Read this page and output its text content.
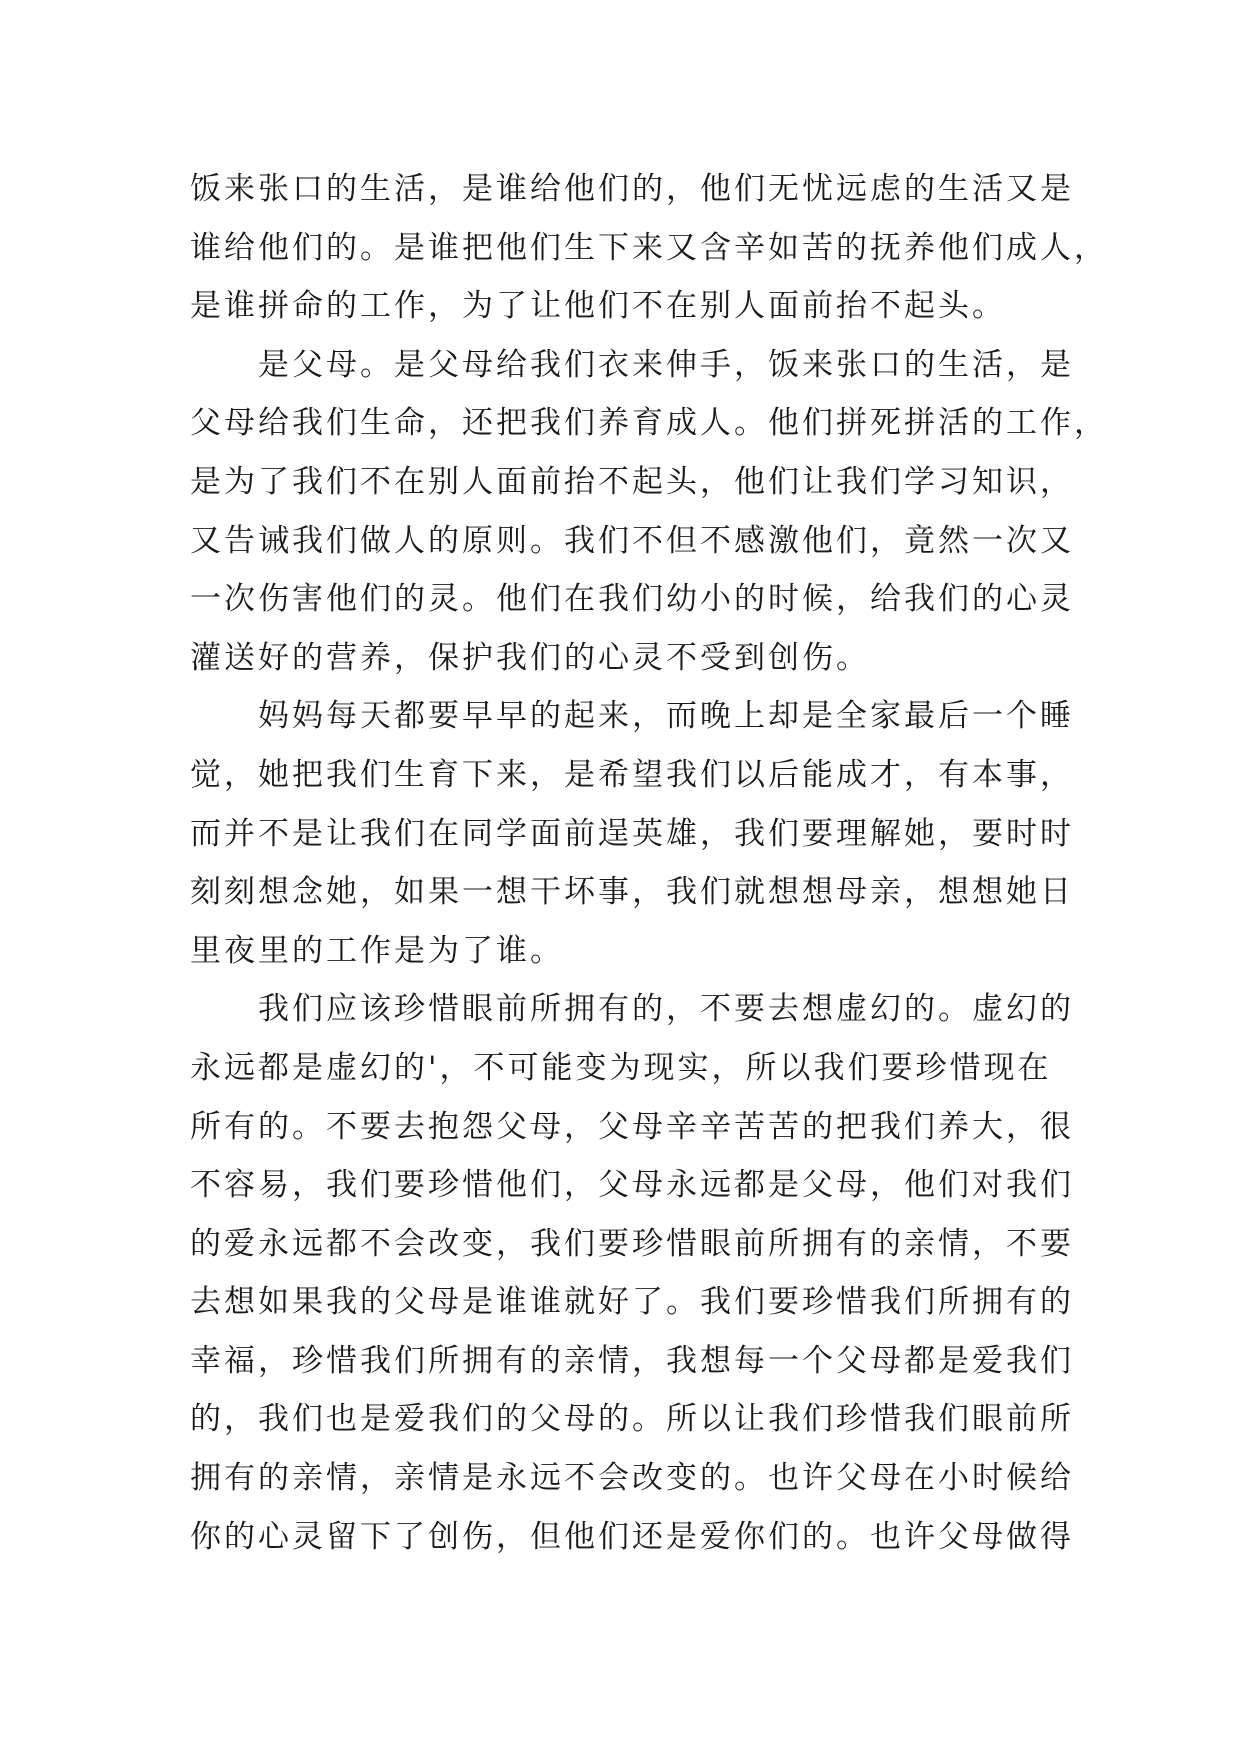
饭来张口的生活，是谁给他们的，他们无忧远虑的生活又是
谁给他们的。是谁把他们生下来又含辛如苦的抚养他们成人，
是谁拼命的工作，为了让他们不在别人面前抬不起头。
　　是父母。是父母给我们衣来伸手，饭来张口的生活，是
父母给我们生命，还把我们养育成人。他们拼死拼活的工作，
是为了我们不在别人面前抬不起头，他们让我们学习知识，
又告诫我们做人的原则。我们不但不感激他们，竟然一次又
一次伤害他们的灵。他们在我们幼小的时候，给我们的心灵
灌送好的营养，保护我们的心灵不受到创伤。
　　妈妈每天都要早早的起来，而晚上却是全家最后一个睡
觉，她把我们生育下来，是希望我们以后能成才，有本事，
而并不是让我们在同学面前逞英雄，我们要理解她，要时时
刻刻想念她，如果一想干坏事，我们就想想母亲，想想她日
里夜里的工作是为了谁。
　　我们应该珍惜眼前所拥有的，不要去想虚幻的。虚幻的
永远都是虚幻的'，不可能变为现实，所以我们要珍惜现在
所有的。不要去抱怨父母，父母辛辛苦苦的把我们养大，很
不容易，我们要珍惜他们，父母永远都是父母，他们对我们
的爱永远都不会改变，我们要珍惜眼前所拥有的亲情，不要
去想如果我的父母是谁谁就好了。我们要珍惜我们所拥有的
幸福，珍惜我们所拥有的亲情，我想每一个父母都是爱我们
的，我们也是爱我们的父母的。所以让我们珍惜我们眼前所
拥有的亲情，亲情是永远不会改变的。也许父母在小时候给
你的心灵留下了创伤，但他们还是爱你们的。也许父母做得
